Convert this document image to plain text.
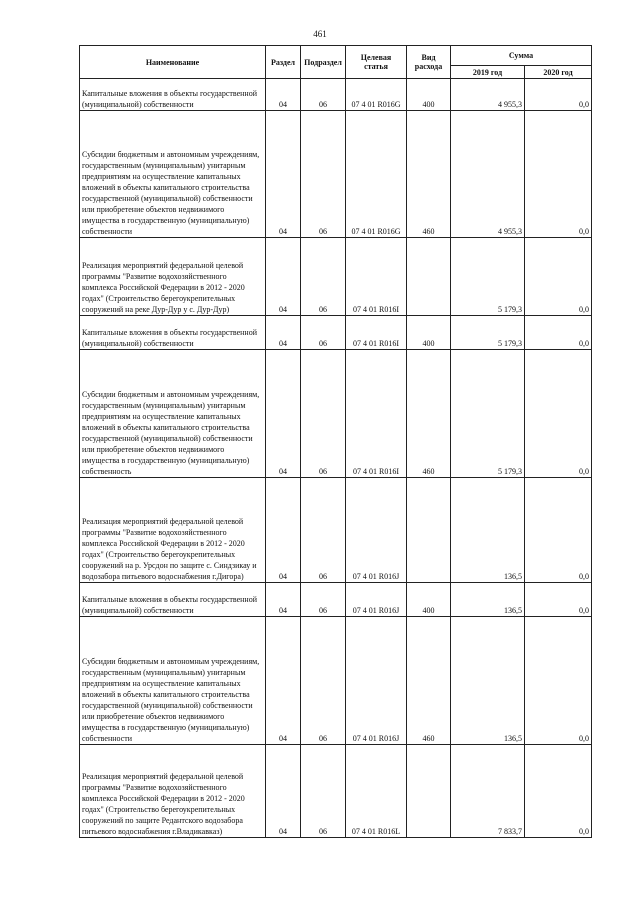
461
Наименование	Раздел	Подраздел	Целевая статья	Вид расхода	Сумма	
					2019 год	2020 год
Капитальные вложения в объекты государственной (муниципальной) собственности	04	06	07 4 01 R016G	400	4 955,3	0,0
Субсидии бюджетным и автономным учреждениям, государственным (муниципальным) унитарным предприятиям на осуществление капитальных вложений в объекты капитального строительства государственной (муниципальной) собственности или приобретение объектов недвижимого имущества в государственную (муниципальную) собственности	04	06	07 4 01 R016G	460	4 955,3	0,0
Реализация мероприятий федеральной целевой программы "Развитие водохозяйственного комплекса Российской Федерации в 2012 - 2020 годах" (Строительство берегоукрепительных сооружений на реке Дур-Дур у с. Дур-Дур)	04	06	07 4 01 R016I		5 179,3	0,0
Капитальные вложения в объекты государственной (муниципальной) собственности	04	06	07 4 01 R016I	400	5 179,3	0,0
Субсидии бюджетным и автономным учреждениям, государственным (муниципальным) унитарным предприятиям на осуществление капитальных вложений в объекты капитального строительства государственной (муниципальной) собственности или приобретение объектов недвижимого имущества в государственную (муниципальную) собственность	04	06	07 4 01 R016I	460	5 179,3	0,0
Реализация мероприятий федеральной целевой программы "Развитие водохозяйственного комплекса Российской Федерации в 2012 - 2020 годах" (Строительство берегоукрепительных сооружений на р. Урсдон по защите с. Синдзикау и водозабора питьевого водоснабжения г.Дигора)	04	06	07 4 01 R016J		136,5	0,0
Капитальные вложения в объекты государственной (муниципальной) собственности	04	06	07 4 01 R016J	400	136,5	0,0
Субсидии бюджетным и автономным учреждениям, государственным (муниципальным) унитарным предприятиям на осуществление капитальных вложений в объекты капитального строительства государственной (муниципальной) собственности или приобретение объектов недвижимого имущества в государственную (муниципальную) собственности	04	06	07 4 01 R016J	460	136,5	0,0
Реализация мероприятий федеральной целевой программы "Развитие водохозяйственного комплекса Российской Федерации в 2012 - 2020 годах" (Строительство берегоукрепительных сооружений по защите Редантского водозабора питьевого водоснабжения г.Владикавказ)	04	06	07 4 01 R016L		7 833,7	0,0
